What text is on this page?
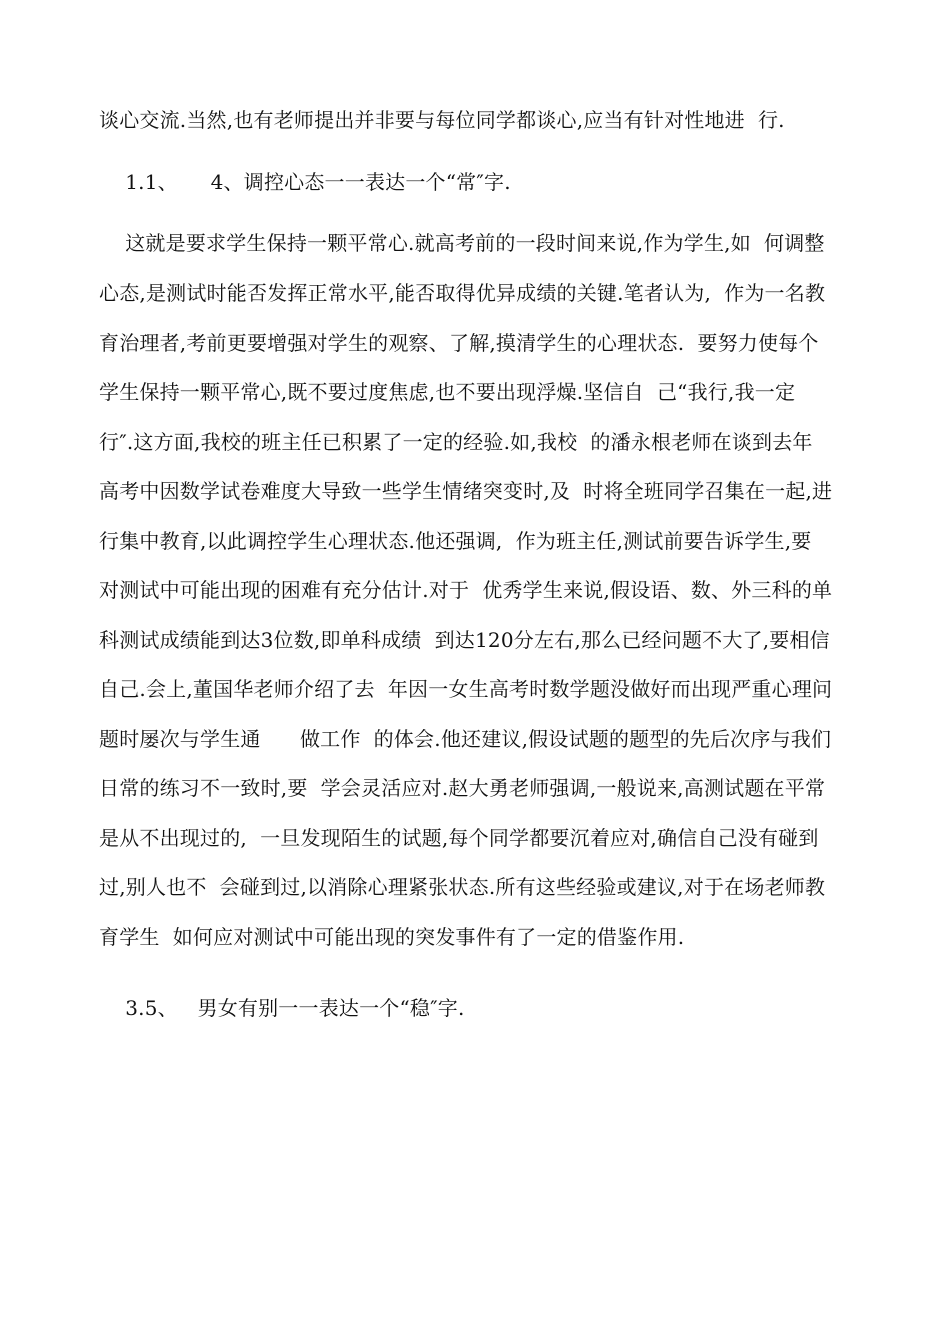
谈心交流.当然,也有老师提出并非要与每位同学都谈心,应当有针对性地进  行.
1.1、     4、调控心态一一表达一个“常″字.
这就是要求学生保持一颗平常心.就高考前的一段时间来说,作为学生,如  何调整
心态,是测试时能否发挥正常水平,能否取得优异成绩的关键.笔者认为,  作为一名教
育治理者,考前更要增强对学生的观察、了解,摸清学生的心理状态.  要努力使每个
学生保持一颗平常心,既不要过度焦虑,也不要出现浮燥.坚信自  己“我行,我一定
行″.这方面,我校的班主任已积累了一定的经验.如,我校  的潘永根老师在谈到去年
高考中因数学试卷难度大导致一些学生情绪突变时,及  时将全班同学召集在一起,进
行集中教育,以此调控学生心理状态.他还强调,  作为班主任,测试前要告诉学生,要
对测试中可能出现的困难有充分估计.对于  优秀学生来说,假设语、数、外三科的单
科测试成绩能到达3位数,即单科成绩  到达120分左右,那么已经问题不大了,要相信
自己.会上,董国华老师介绍了去  年因一女生高考时数学题没做好而出现严重心理问
题时屡次与学生通      做工作  的体会.他还建议,假设试题的题型的先后次序与我们
日常的练习不一致时,要  学会灵活应对.赵大勇老师强调,一般说来,高测试题在平常
是从不出现过的,  一旦发现陌生的试题,每个同学都要沉着应对,确信自己没有碰到
过,别人也不  会碰到过,以消除心理紧张状态.所有这些经验或建议,对于在场老师教
育学生  如何应对测试中可能出现的突发事件有了一定的借鉴作用.
3.5、   男女有别一一表达一个“稳″字.
